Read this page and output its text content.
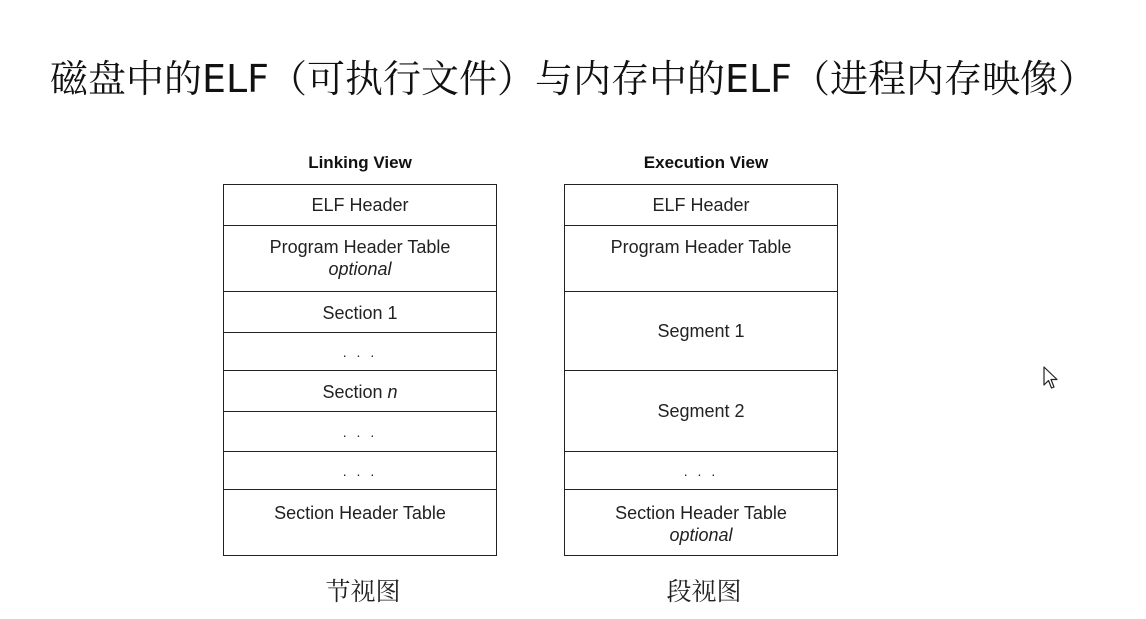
磁盘中的ELF（可执行文件）与内存中的ELF（进程内存映像）
Linking View
ELF Header
Program Header Table
optional
Section 1
. . .
Section n
. . .
. . .
Section Header Table
节视图
Execution View
ELF Header
Program Header Table
Segment 1
Segment 2
. . .
Section Header Table
optional
段视图
